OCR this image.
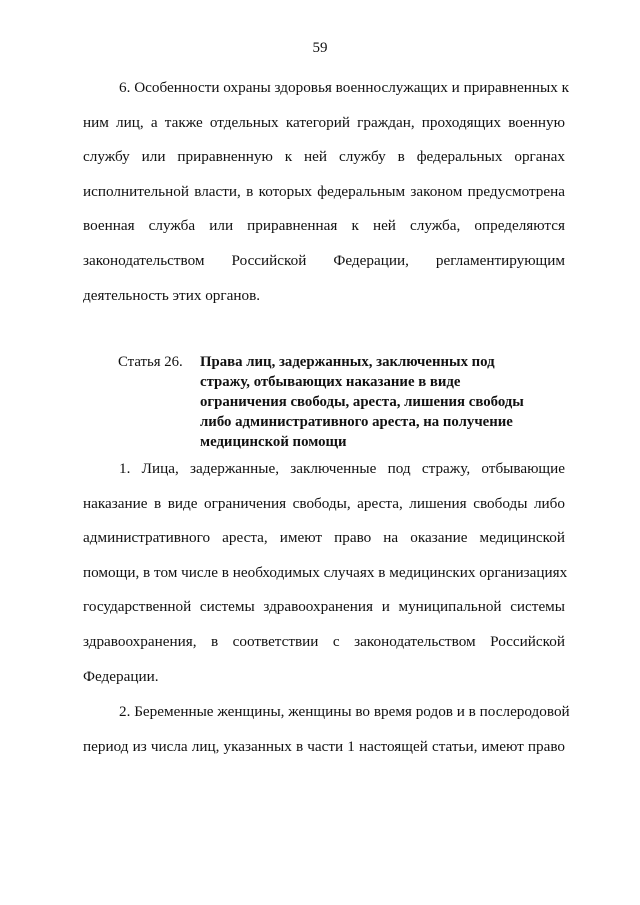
59
6. Особенности охраны здоровья военнослужащих и приравненных к
ним лиц, а также отдельных категорий граждан, проходящих военную
службу или приравненную к ней службу в федеральных органах
исполнительной власти, в которых федеральным законом предусмотрена
военная служба или приравненная к ней служба, определяются
законодательством Российской Федерации, регламентирующим
деятельность этих органов.
Статья 26.	Права лиц, задержанных, заключенных под
стражу, отбывающих наказание в виде
ограничения свободы, ареста, лишения свободы
либо административного ареста, на получение
медицинской помощи
1. Лица, задержанные, заключенные под стражу, отбывающие
наказание в виде ограничения свободы, ареста, лишения свободы либо
административного ареста, имеют право на оказание медицинской
помощи, в том числе в необходимых случаях в медицинских организациях
государственной системы здравоохранения и муниципальной системы
здравоохранения, в соответствии с законодательством Российской
Федерации.
2. Беременные женщины, женщины во время родов и в послеродовой
период из числа лиц, указанных в части 1 настоящей статьи, имеют право
